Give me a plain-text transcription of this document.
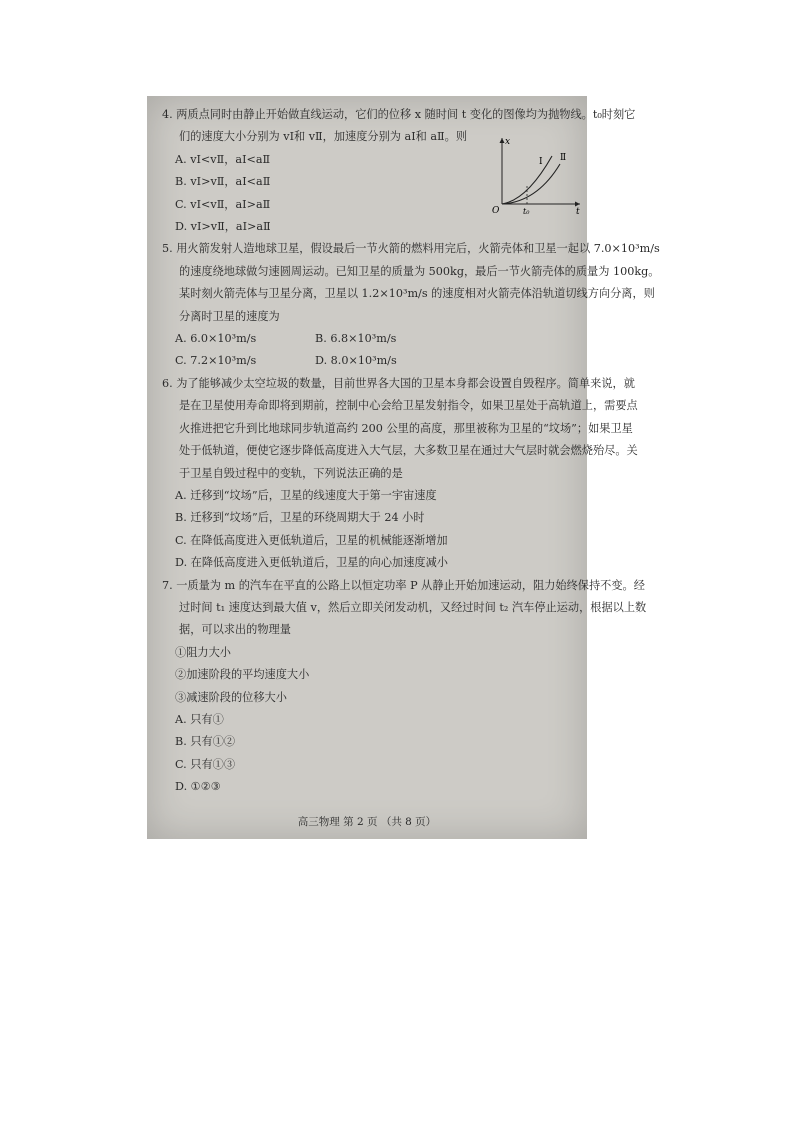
4. 两质点同时由静止开始做直线运动，它们的位移 x 随时间 t 变化的图像均为抛物线。t₀时刻它
们的速度大小分别为 vⅠ和 vⅡ，加速度分别为 aⅠ和 aⅡ。则
A. vⅠ<vⅡ，aⅠ<aⅡ
B. vⅠ>vⅡ，aⅠ<aⅡ
C. vⅠ<vⅡ，aⅠ>aⅡ
D. vⅠ>vⅡ，aⅠ>aⅡ
x
t
O	t₀
Ⅰ Ⅱ
5. 用火箭发射人造地球卫星，假设最后一节火箭的燃料用完后，火箭壳体和卫星一起以 7.0×10³m/s
的速度绕地球做匀速圆周运动。已知卫星的质量为 500kg，最后一节火箭壳体的质量为 100kg。
某时刻火箭壳体与卫星分离，卫星以 1.2×10³m/s 的速度相对火箭壳体沿轨道切线方向分离，则
分离时卫星的速度为
A. 6.0×10³m/s	B. 6.8×10³m/s
C. 7.2×10³m/s	D. 8.0×10³m/s
6. 为了能够减少太空垃圾的数量，目前世界各大国的卫星本身都会设置自毁程序。简单来说，就
是在卫星使用寿命即将到期前，控制中心会给卫星发射指令，如果卫星处于高轨道上，需要点
火推进把它升到比地球同步轨道高约 200 公里的高度，那里被称为卫星的“坟场”；如果卫星
处于低轨道，便使它逐步降低高度进入大气层，大多数卫星在通过大气层时就会燃烧殆尽。关
于卫星自毁过程中的变轨，下列说法正确的是
A. 迁移到“坟场”后，卫星的线速度大于第一宇宙速度
B. 迁移到“坟场”后，卫星的环绕周期大于 24 小时
C. 在降低高度进入更低轨道后，卫星的机械能逐渐增加
D. 在降低高度进入更低轨道后，卫星的向心加速度减小
7. 一质量为 m 的汽车在平直的公路上以恒定功率 P 从静止开始加速运动，阻力始终保持不变。经
过时间 t₁ 速度达到最大值 v，然后立即关闭发动机，又经过时间 t₂ 汽车停止运动，根据以上数
据，可以求出的物理量
①阻力大小
②加速阶段的平均速度大小
③减速阶段的位移大小
A. 只有①
B. 只有①②
C. 只有①③
D. ①②③
高三物理 第 2 页 （共 8 页）
